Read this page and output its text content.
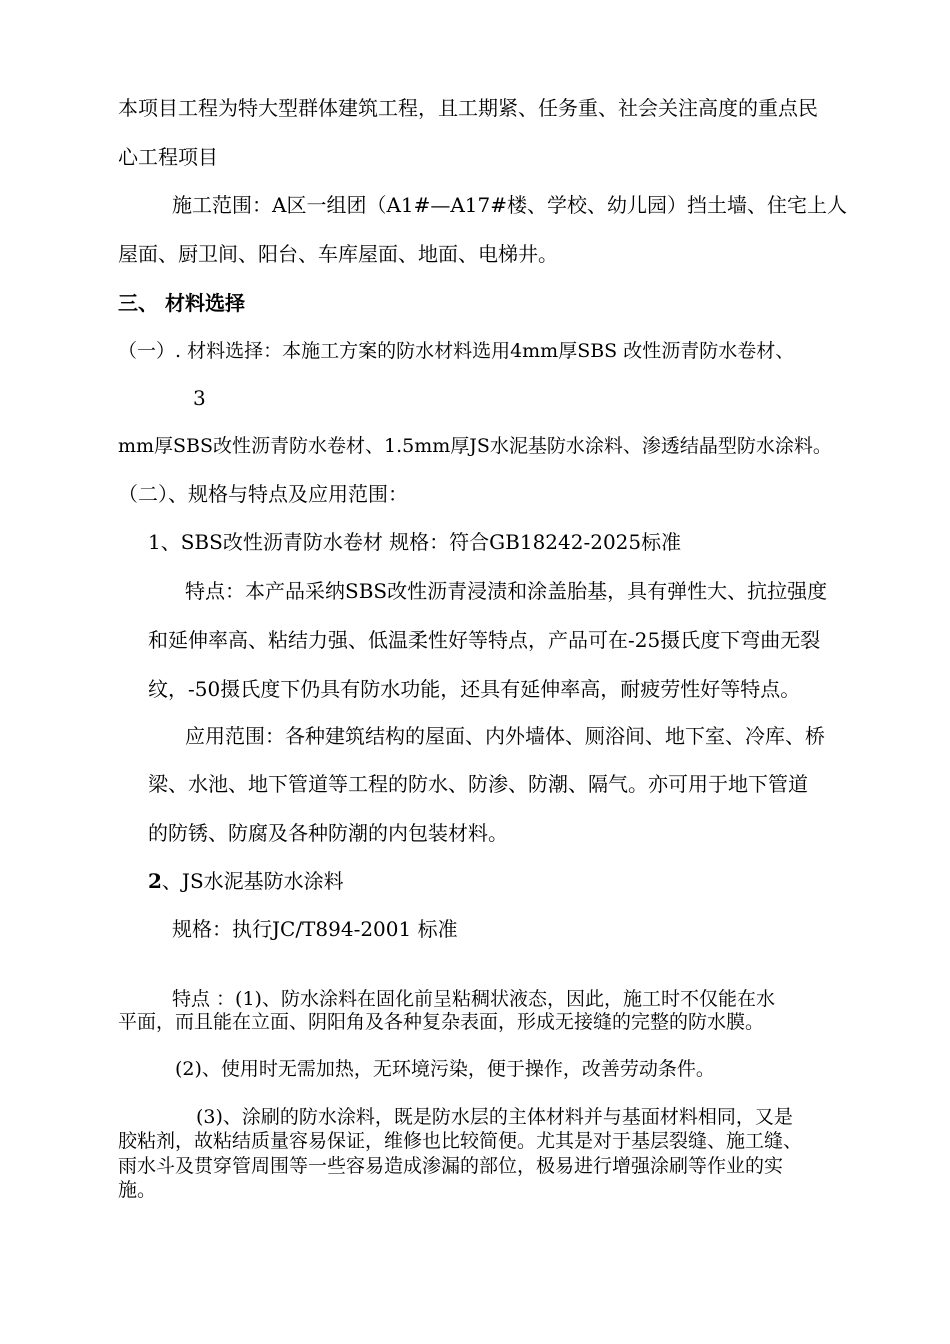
本项目工程为特大型群体建筑工程，且工期紧、任务重、社会关注高度的重点民
心工程项目
施工范围：A区一组团（A1#—A17#楼、学校、幼儿园）挡土墙、住宅上人
屋面、厨卫间、阳台、车库屋面、地面、电梯井。
三、 材料选择
（一）. 材料选择：本施工方案的防水材料选用4mm厚SBS 改性沥青防水卷材、
3
mm厚SBS改性沥青防水卷材、1.5mm厚JS水泥基防水涂料、渗透结晶型防水涂料。
（二）、规格与特点及应用范围：
1、SBS改性沥青防水卷材 规格：符合GB18242-2025标准
特点：本产品采纳SBS改性沥青浸渍和涂盖胎基，具有弹性大、抗拉强度
和延伸率高、粘结力强、低温柔性好等特点，产品可在-25摄氏度下弯曲无裂
纹，-50摄氏度下仍具有防水功能，还具有延伸率高，耐疲劳性好等特点。
应用范围：各种建筑结构的屋面、内外墙体、厕浴间、地下室、冷库、桥
梁、水池、地下管道等工程的防水、防渗、防潮、隔气。亦可用于地下管道
的防锈、防腐及各种防潮的内包装材料。
2、JS水泥基防水涂料
规格：执行JC/T894-2001 标准
特点 ：(1)、防水涂料在固化前呈粘稠状液态，因此，施工时不仅能在水
平面，而且能在立面、阴阳角及各种复杂表面，形成无接缝的完整的防水膜。
(2)、使用时无需加热，无环境污染，便于操作，改善劳动条件。
(3)、涂刷的防水涂料，既是防水层的主体材料并与基面材料相同，又是
胶粘剂，故粘结质量容易保证，维修也比较简便。尤其是对于基层裂缝、施工缝、
雨水斗及贯穿管周围等一些容易造成渗漏的部位，极易进行增强涂刷等作业的实
施。
